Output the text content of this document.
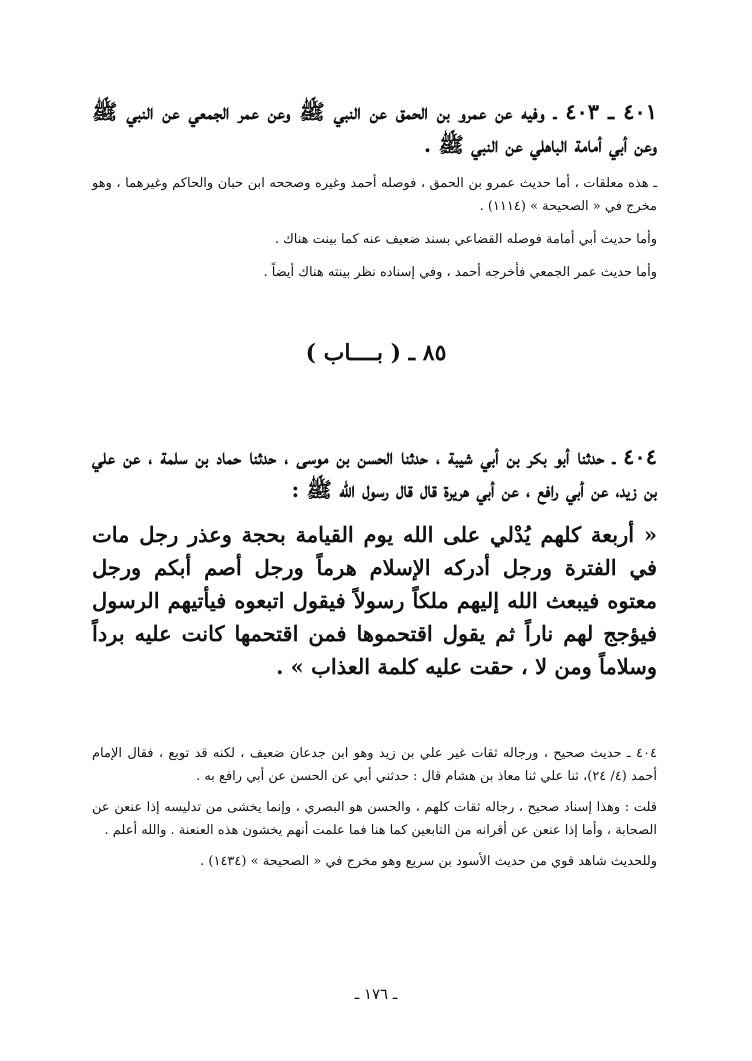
٤٠١ ـ ٤٠٣ ـ وفيه عن عمرو بن الحمق عن النبي ﷺ وعن عمر الجمعي عن النبي ﷺ وعن أبي أمامة الباهلي عن النبي ﷺ .

ـ هذه معلقات ، أما حديث عمرو بن الحمق ، فوصله أحمد وغيره وصححه ابن حبان والحاكم وغيرهما ، وهو مخرج في « الصحيحة » (١١١٤) .

وأما حديث أبي أمامة فوصله القضاعي بسند ضعيف عنه كما بينت هناك .

وأما حديث عمر الجمعي فأخرجه أحمد ، وفي إسناده نظر بينته هناك أيضاً .

٨٥ ـ ( بــــاب )

٤٠٤ ـ حدثنا أبو بكر بن أبي شيبة ، حدثنا الحسن بن موسى ، حدثنا حماد بن سلمة ، عن علي بن زيد، عن أبي رافع ، عن أبي هريرة قال قال رسول الله ﷺ :

« أربعة كلهم يُدْلي على الله يوم القيامة بحجة وعذر رجل مات في الفترة ورجل أدركه الإسلام هرماً ورجل أصم أبكم ورجل معتوه فيبعث الله إليهم ملكاً رسولاً فيقول اتبعوه فيأتيهم الرسول فيؤجج لهم ناراً ثم يقول اقتحموها فمن اقتحمها كانت عليه برداً وسلاماً ومن لا ، حقت عليه كلمة العذاب » .

٤٠٤ ـ حديث صحيح ، ورجاله ثقات غير علي بن زيد وهو ابن جدعان ضعيف ، لكنه قد توبع ، فقال الإمام أحمد (٤/ ٢٤)، ثنا علي ثنا معاذ بن هشام قال : حدثني أبي عن الحسن عن أبي رافع به .

قلت : وهذا إسناد صحيح ، رجاله ثقات كلهم ، والحسن هو البصري ، وإنما يخشى من تدليسه إذا عنعن عن الصحابة ، وأما إذا عنعن عن أقرانه من التابعين كما هنا فما علمت أنهم يخشون هذه العنعنة . والله أعلم .

وللحديث شاهد قوي من حديث الأسود بن سريع وهو مخرج في « الصحيحة » (١٤٣٤) .

ـ ١٧٦ ـ
